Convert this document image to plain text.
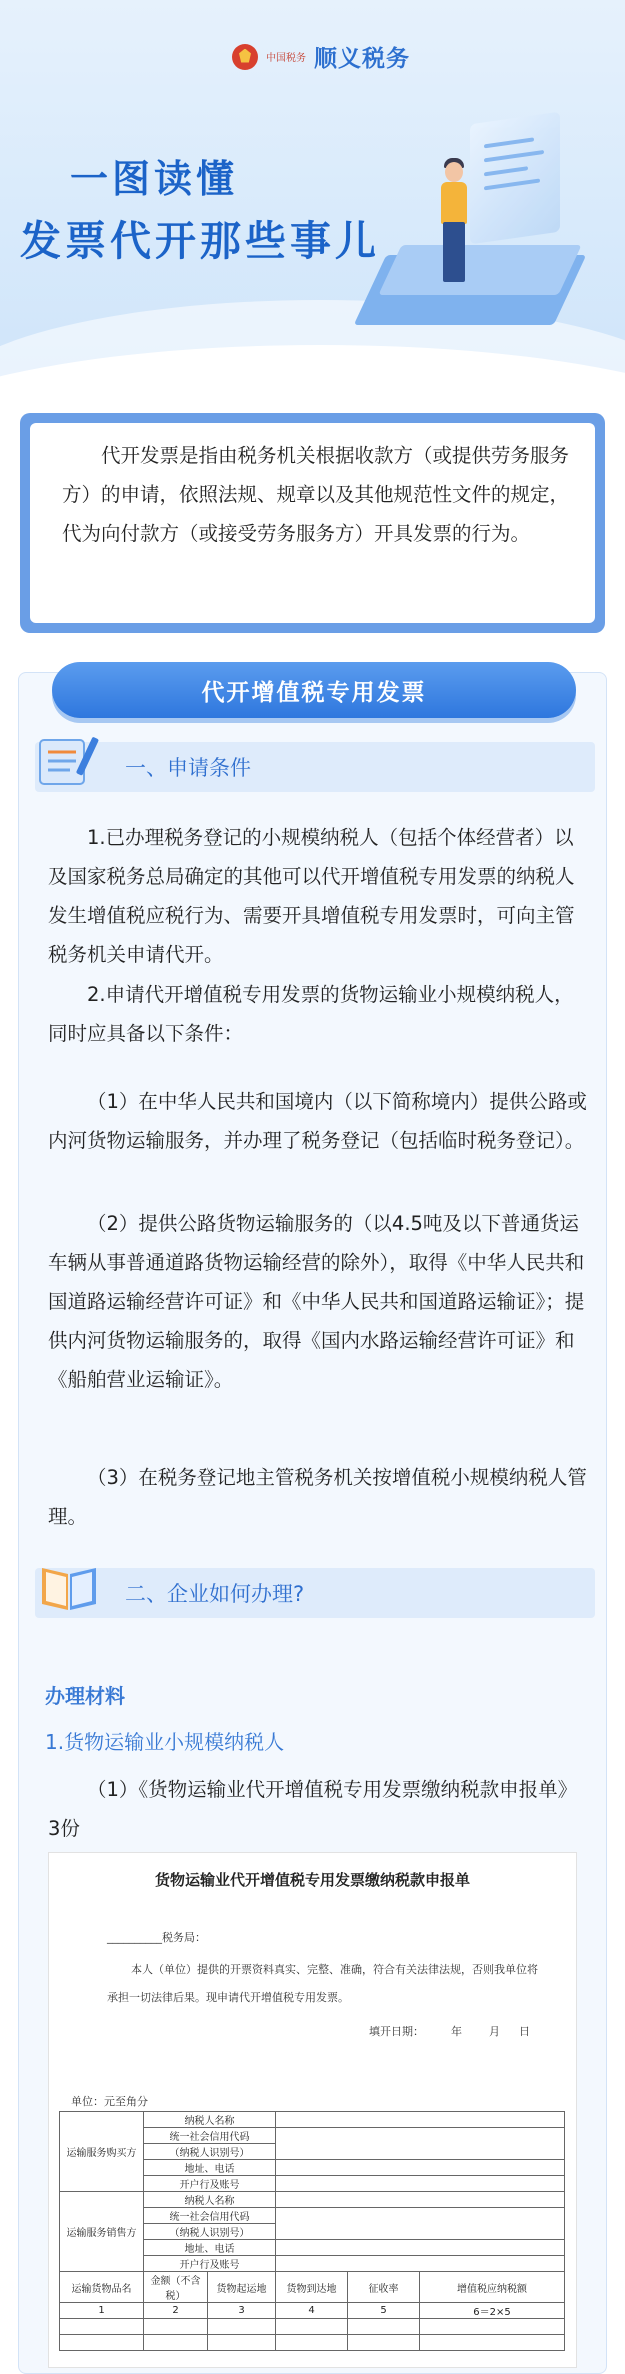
中国税务 顺义税务
一图读懂
发票代开那些事儿
代开发票是指由税务机关根据收款方（或提供劳务服务方）的申请，依照法规、规章以及其他规范性文件的规定，代为向付款方（或接受劳务服务方）开具发票的行为。
代开增值税专用发票
一、申请条件
1.已办理税务登记的小规模纳税人（包括个体经营者）以及国家税务总局确定的其他可以代开增值税专用发票的纳税人发生增值税应税行为、需要开具增值税专用发票时，可向主管税务机关申请代开。
2.申请代开增值税专用发票的货物运输业小规模纳税人，同时应具备以下条件：
（1）在中华人民共和国境内（以下简称境内）提供公路或内河货物运输服务，并办理了税务登记（包括临时税务登记）。
（2）提供公路货物运输服务的（以4.5吨及以下普通货运车辆从事普通道路货物运输经营的除外），取得《中华人民共和国道路运输经营许可证》和《中华人民共和国道路运输证》；提供内河货物运输服务的，取得《国内水路运输经营许可证》和《船舶营业运输证》。
（3）在税务登记地主管税务机关按增值税小规模纳税人管理。
二、企业如何办理?
办理材料
1.货物运输业小规模纳税人
（1）《货物运输业代开增值税专用发票缴纳税款申报单》3份
货物运输业代开增值税专用发票缴纳税款申报单
__________税务局：
本人（单位）提供的开票资料真实、完整、准确，符合有关法律法规，否则我单位将
承担一切法律后果。现申请代开增值税专用发票。
填开日期： 年 月 日
单位：元至角分
运输服务购买方	纳税人名称				
	统一社会信用代码				
	（纳税人识别号）				
	地址、电话				
	开户行及账号				
运输服务销售方	纳税人名称				
	统一社会信用代码				
	（纳税人识别号）				
	地址、电话				
	开户行及账号				
运输货物品名	金额（不含税）	货物起运地	货物到达地	征收率	增值税应纳税额
1	2	3	4	5	6＝2×5
